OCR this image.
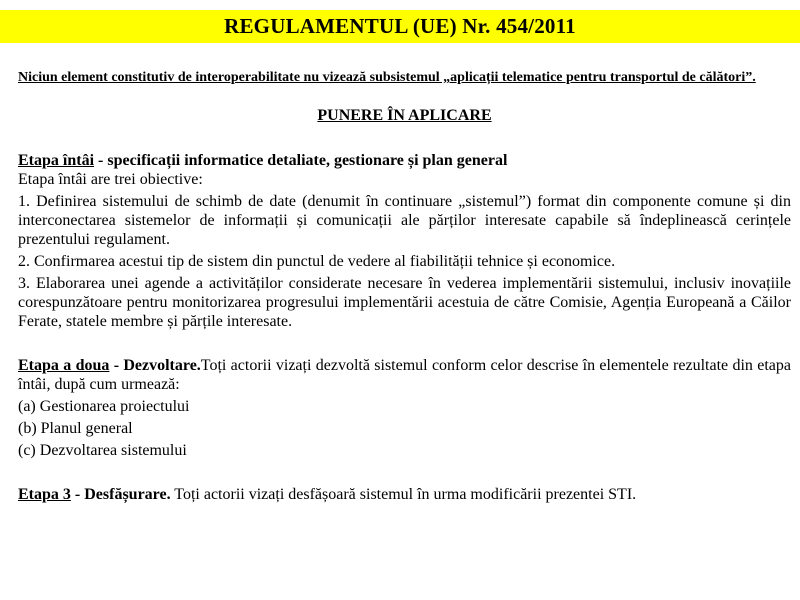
REGULAMENTUL (UE) Nr. 454/2011

Niciun element constitutiv de interoperabilitate nu vizează subsistemul „aplicații telematice pentru transportul de călători”.

PUNERE ÎN APLICARE

Etapa întâi - specificații informatice detaliate, gestionare și plan general

Etapa întâi are trei obiective:

1. Definirea sistemului de schimb de date (denumit în continuare „sistemul”) format din componente comune și din interconectarea sistemelor de informații și comunicații ale părților interesate capabile să îndeplinească cerințele prezentului regulament.

2. Confirmarea acestui tip de sistem din punctul de vedere al fiabilității tehnice și economice.

3. Elaborarea unei agende a activităților considerate necesare în vederea implementării sistemului, inclusiv inovațiile corespunzătoare pentru monitorizarea progresului implementării acestuia de către Comisie, Agenția Europeană a Căilor Ferate, statele membre și părțile interesate.

Etapa a doua - Dezvoltare.Toți actorii vizați dezvoltă sistemul conform celor descrise în elementele rezultate din etapa întâi, după cum urmează:

(a) Gestionarea proiectului

(b) Planul general

(c) Dezvoltarea sistemului

Etapa 3 - Desfășurare. Toți actorii vizați desfășoară sistemul în urma modificării prezentei STI.
